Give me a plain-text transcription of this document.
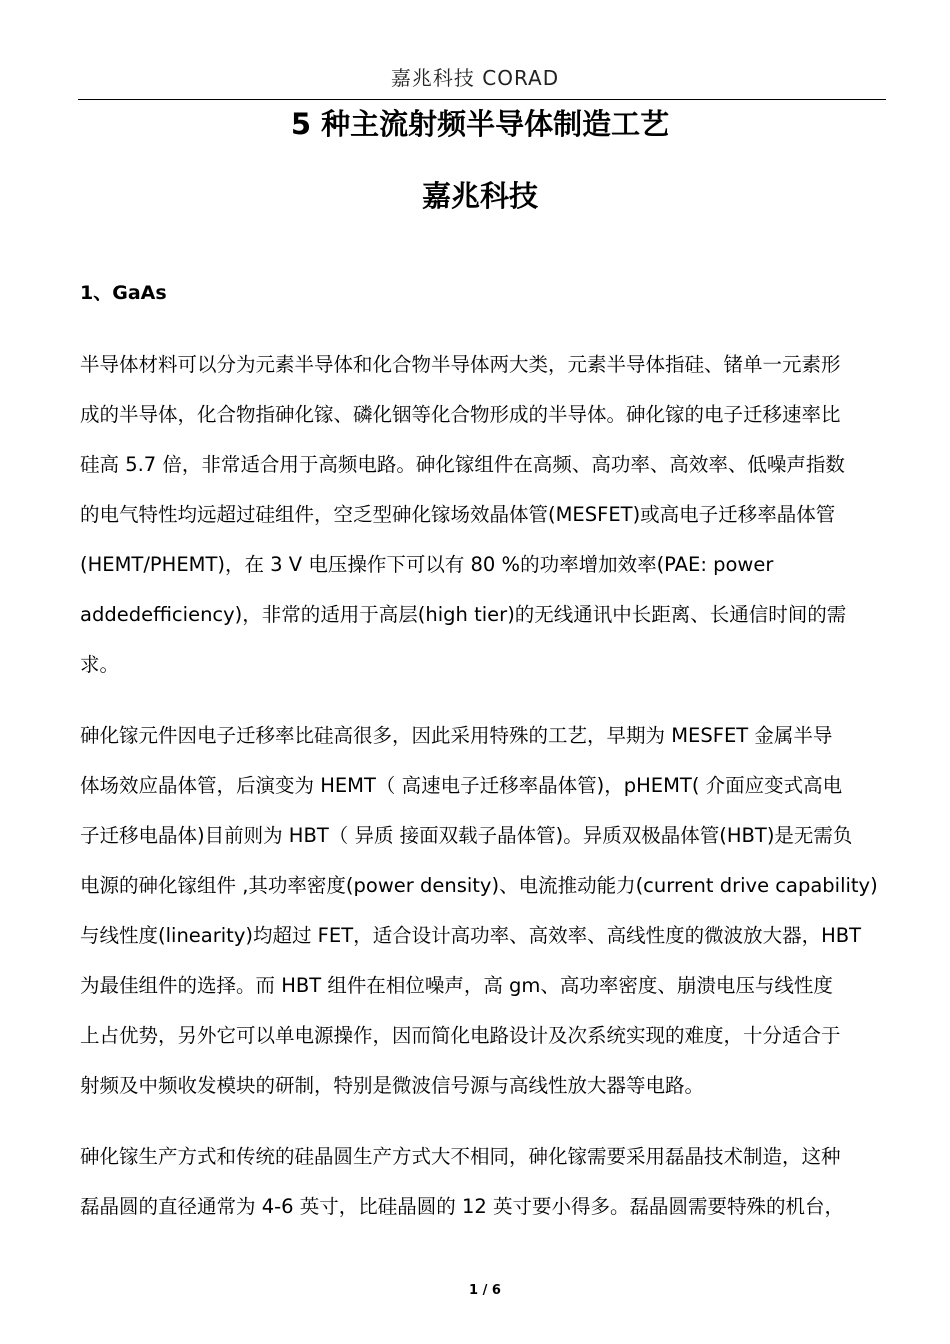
嘉兆科技 CORAD
5 种主流射频半导体制造工艺
嘉兆科技
1、GaAs

半导体材料可以分为元素半导体和化合物半导体两大类，元素半导体指硅、锗单一元素形
成的半导体，化合物指砷化镓、磷化铟等化合物形成的半导体。砷化镓的电子迁移速率比
硅高 5.7 倍，非常适合用于高频电路。砷化镓组件在高频、高功率、高效率、低噪声指数
的电气特性均远超过硅组件，空乏型砷化镓场效晶体管(MESFET)或高电子迁移率晶体管
(HEMT/PHEMT)，在 3 V 电压操作下可以有 80 %的功率增加效率(PAE: power
addedefficiency)，非常的适用于高层(high tier)的无线通讯中长距离、长通信时间的需
求。

砷化镓元件因电子迁移率比硅高很多，因此采用特殊的工艺，早期为 MESFET 金属半导
体场效应晶体管，后演变为 HEMT（ 高速电子迁移率晶体管)，pHEMT( 介面应变式高电
子迁移电晶体)目前则为 HBT（ 异质 接面双载子晶体管)。异质双极晶体管(HBT)是无需负
电源的砷化镓组件 ,其功率密度(power density)、电流推动能力(current drive capability)
与线性度(linearity)均超过 FET，适合设计高功率、高效率、高线性度的微波放大器，HBT
为最佳组件的选择。而 HBT 组件在相位噪声，高 gm、高功率密度、崩溃电压与线性度
上占优势，另外它可以单电源操作，因而简化电路设计及次系统实现的难度，十分适合于
射频及中频收发模块的研制，特别是微波信号源与高线性放大器等电路。

砷化镓生产方式和传统的硅晶圆生产方式大不相同，砷化镓需要采用磊晶技术制造，这种
磊晶圆的直径通常为 4-6 英寸，比硅晶圆的 12 英寸要小得多。磊晶圆需要特殊的机台，

1 / 6
